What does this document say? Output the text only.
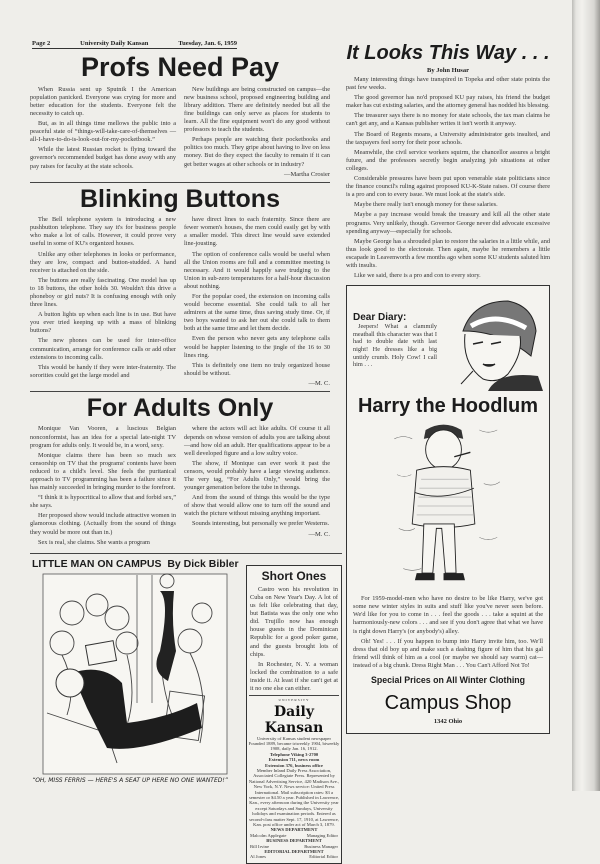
Page 2	University Daily Kansan	Tuesday, Jan. 6, 1959
Profs Need Pay

When Russia sent up Sputnik I the American population panicked. Everyone was crying for more and better education for the students. Everyone felt the necessity to catch up.

But, as in all things time mellows the public into a peaceful state of “things-will-take-care-of-themselves — all-I-have-to-do-is-look-out-for-my-pocketbook.”

While the latest Russian rocket is flying toward the governor's recommended budget has done away with any pay raises for faculty at the state schools.

New buildings are being constructed on campus—the new business school, proposed engineering building and library addition. There are definitely needed but all the fine buildings can only serve as places for students to learn. All the fine equipment won't do any good without professors to teach the students.

Perhaps people are watching their pocketbooks and politics too much. They gripe about having to live on less money. But do they expect the faculty to remain if it can get better wages at other schools or in industry?

—Martha Crosier
Blinking Buttons

The Bell telephone system is introducing a new pushbutton telephone. They say it's for business people who make a lot of calls. However, it could prove very useful in some of KU's organized houses.

Unlike any other telephones in looks or performance, they are low, compact and button-studded. A hand receiver is attached on the side.

The buttons are really fascinating. One model has up to 18 buttons, the other holds 30. Wouldn't this drive a phoneboy or girl nuts? It is confusing enough with only three lines.

A button lights up when each line is in use. But have you ever tried keeping up with a mass of blinking buttons?

The new phones can be used for inter-office communication, arrange for conference calls or add other extensions to incoming calls.

This would be handy if they were inter-fraternity. The sororities could get the large model and

have direct lines to each fraternity. Since there are fewer women's houses, the men could easily get by with a smaller model. This direct line would save extended line-jousting.

The option of conference calls would be useful when all the Union rooms are full and a committee meeting is necessary. And it would happily save trudging to the Union in sub-zero temperatures for a half-hour discussion about nothing.

For the popular coed, the extension on incoming calls would become essential. She could talk to all her admirers at the same time, thus saving study time. Or, if two boys wanted to ask her out she could talk to them both at the same time and let them decide.

Even the person who never gets any telephone calls would be happier listening to the jingle of the 16 to 30 lines ring.

This is definitely one item no truly organized house should be without.

—M. C.
For Adults Only

Monique Van Vooren, a luscious Belgian nonconformist, has an idea for a special late-night TV program for adults only. It would be, in a word, sexy.

Monique claims there has been so much sex censorship on TV that the programs' contents have been reduced to a child's level. She feels the puritanical approach to TV programming has been a failure since it has mainly succeeded in bringing murder to the forefront.

“I think it is hypocritical to allow that and forbid sex,” she says.

Her proposed show would include attractive women in glamorous clothing. (Actually from the sound of things they would be more out than in.)

Sex is real, she claims. She wants a program

where the actors will act like adults. Of course it all depends on whose version of adults you are talking about—and how old an adult. Her qualifications appear to be a well developed figure and a low sultry voice.

The show, if Monique can ever work it past the censors, would probably have a large viewing audience. The very tag, “For Adults Only,” would bring the younger generation before the tube in throngs.

And from the sound of things this would be the type of show that would allow one to turn off the sound and watch the picture without missing anything important.

Sounds interesting, but personally we prefer Westerns.

—M. C.
LITTLE MAN ON CAMPUS By Dick Bibler
“OH, MISS FERRIS — HERE'S A SEAT UP HERE NO ONE WANTED!”
Short Ones

Castro won his revolution in Cuba on New Year's Day. A lot of us felt like celebrating that day, but Batista was the only one who did. Trujillo now has enough house guests in the Dominican Republic for a good poker game, and the guests brought lots of chips.

In Rochester, N. Y. a woman locked the combination to a safe inside it. At least if she can't get at it no one else can either.

UNIVERSITY

Daily Kansan

University of Kansas student newspaper

Founded 1889, became triweekly 1904, biweekly 1908, daily Jan. 16, 1912.

Telephone Viking 3-2700

Extension 711, news room

Extension 376, business office

Member Inland Daily Press Association, Associated Collegiate Press. Represented by National Advertising Service, 420 Madison Ave., New York, N.Y. News service: United Press International. Mail subscription rates: $3 a semester or $4.50 a year. Published in Lawrence, Kan., every afternoon during the University year except Saturdays and Sundays, University holidays and examination periods. Entered as second-class matter Sept. 17, 1910, at Lawrence, Kan. post office under act of March 3, 1879.

NEWS DEPARTMENT

Malcolm Applegate	Managing Editor

BUSINESS DEPARTMENT

Bill Irvine	Business Manager

EDITORIAL DEPARTMENT

Al Jones	Editorial Editor

It Looks This Way . . .
By John Husar

Many interesting things have transpired in Topeka and other state points the past few weeks.

The good governor has no'd proposed KU pay raises, his friend the budget maker has cut existing salaries, and the attorney general has nodded his blessing.

The treasurer says there is no money for state schools, the tax man claims he can't get any, and a Kansas publisher writes it isn't worth it anyway.

The Board of Regents moans, a University administrator gets insulted, and the taxpayers feel sorry for their poor schools.

Meanwhile, the civil service workers squirm, the chancellor assures a bright future, and the professors secretly begin analyzing job situations at other colleges.

Considerable pressures have been put upon venerable state politicians since the finance council's ruling against proposed KU-K-State raises. Of course there is a pro and con to every issue. We must look at the state's side.

Maybe there really isn't enough money for these salaries.

Maybe a pay increase would break the treasury and kill all the other state programs. Very unlikely, though. Governor George never did advocate excessive spending anyway—especially for schools.

Maybe George has a shrouded plan to restore the salaries in a little while, and thus look good to the electorate. Then again, maybe he remembers a little escapade in Leavenworth a few months ago when some KU students saluted him with insults.

Like we said, there is a pro and con to every story.

Dear Diary:

Jeepers! What a clammily meatball this character was that I had to double date with last night! He dresses like a big untidy crumb. Holy Cow! I call him . . .

Harry the Hoodlum

For 1959-model-men who have no desire to be like Harry, we've got some new winter styles in suits and stuff like you've never seen before. We'd like for you to come in . . . feel the goods . . . take a squint at the harmoniously-new colors . . . and see if you don't agree that what we have is right down Harry's (or anybody's) alley.

Oh! Yes! . . . If you happen to bump into Harry invite him, too. We'll dress that old boy up and make such a dashing figure of him that his gal friend will think of him as a cool (or maybe we should say warm) cat—instead of a big chunk. Dress Right Man . . . You Can't Afford Not To!

Special Prices on All Winter Clothing
Campus Shop
1342 Ohio
